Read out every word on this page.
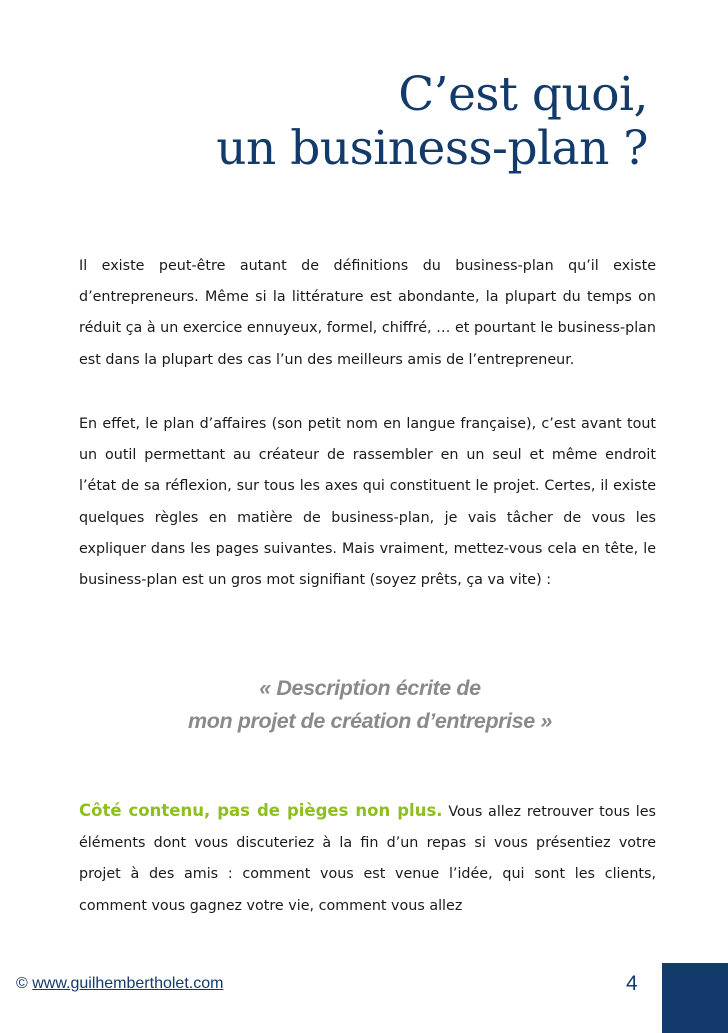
C’est quoi,
un business-plan ?

Il existe peut-être autant de définitions du business-plan qu’il existe d’entrepreneurs. Même si la littérature est abondante, la plupart du temps on réduit ça à un exercice ennuyeux, formel, chiffré, … et pourtant le business-plan est dans la plupart des cas l’un des meilleurs amis de l’entrepreneur.

En effet, le plan d’affaires (son petit nom en langue française), c’est avant tout un outil permettant au créateur de rassembler en un seul et même endroit l’état de sa réflexion, sur tous les axes qui constituent le projet. Certes, il existe quelques règles en matière de business-plan, je vais tâcher de vous les expliquer dans les pages suivantes. Mais vraiment, mettez-vous cela en tête, le business-plan est un gros mot signifiant (soyez prêts, ça va vite) :

« Description écrite de
mon projet de création d’entreprise »

Côté contenu, pas de pièges non plus. Vous allez retrouver tous les éléments dont vous discuteriez à la fin d’un repas si vous présentiez votre projet à des amis : comment vous est venue l’idée, qui sont les clients, comment vous gagnez votre vie, comment vous allez

© www.guilhembertholet.com	4
